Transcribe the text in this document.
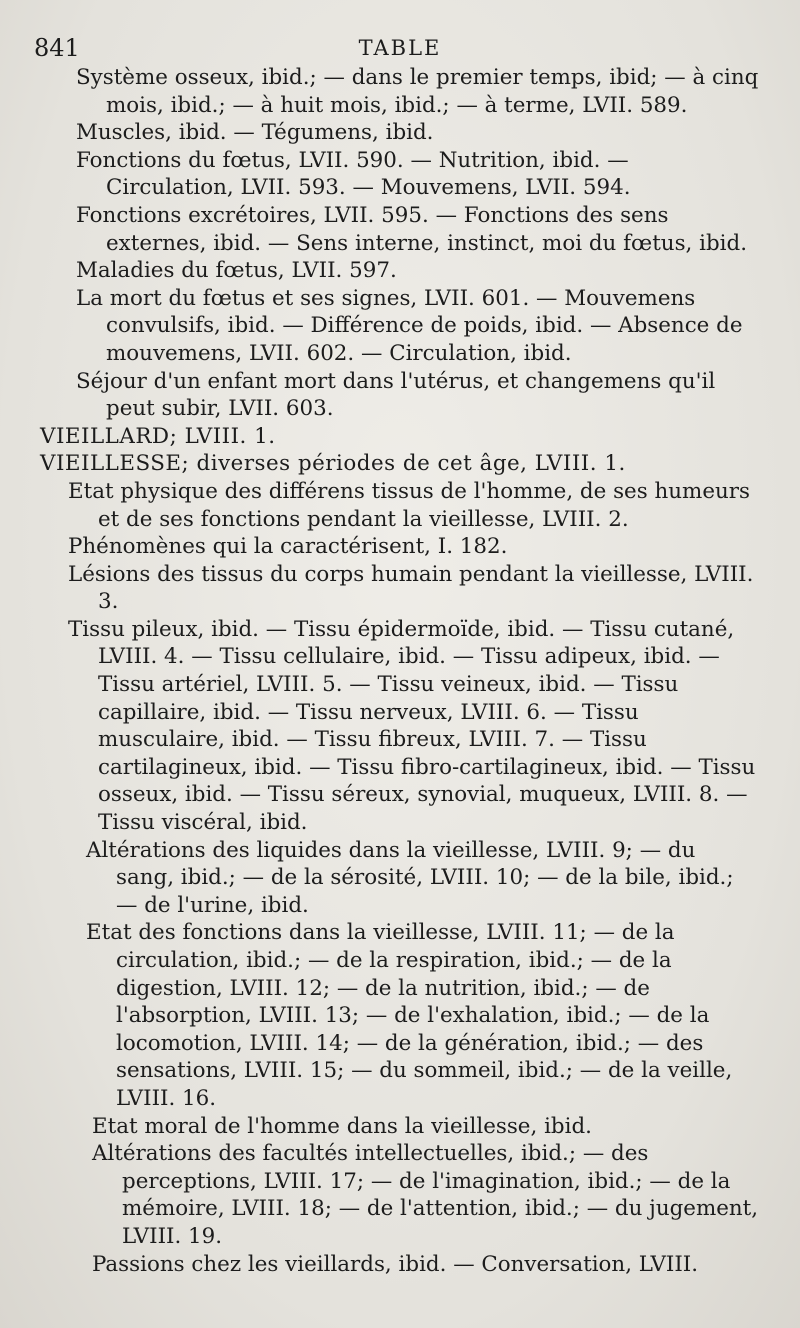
841	TABLE

Système osseux, ibid.; — dans le premier temps, ibid; — à cinq mois, ibid.; — à huit mois, ibid.; — à terme, LVII. 589.

Muscles, ibid. — Tégumens, ibid.

Fonctions du fœtus, LVII. 590. — Nutrition, ibid. — Circulation, LVII. 593. — Mouvemens, LVII. 594.

Fonctions excrétoires, LVII. 595. — Fonctions des sens externes, ibid. — Sens interne, instinct, moi du fœtus, ibid.

Maladies du fœtus, LVII. 597.

La mort du fœtus et ses signes, LVII. 601. — Mouvemens convulsifs, ibid. — Différence de poids, ibid. — Absence de mouvemens, LVII. 602. — Circulation, ibid.

Séjour d'un enfant mort dans l'utérus, et changemens qu'il peut subir, LVII. 603.

VIEILLARD; LVIII. 1.

VIEILLESSE; diverses périodes de cet âge, LVIII. 1.

Etat physique des différens tissus de l'homme, de ses humeurs et de ses fonctions pendant la vieillesse, LVIII. 2.

Phénomènes qui la caractérisent, I. 182.

Lésions des tissus du corps humain pendant la vieillesse, LVIII. 3.

Tissu pileux, ibid. — Tissu épidermoïde, ibid. — Tissu cutané, LVIII. 4. — Tissu cellulaire, ibid. — Tissu adipeux, ibid. — Tissu artériel, LVIII. 5. — Tissu veineux, ibid. — Tissu capillaire, ibid. — Tissu nerveux, LVIII. 6. — Tissu musculaire, ibid. — Tissu fibreux, LVIII. 7. — Tissu cartilagineux, ibid. — Tissu fibro-cartilagineux, ibid. — Tissu osseux, ibid. — Tissu séreux, synovial, muqueux, LVIII. 8. — Tissu viscéral, ibid.

Altérations des liquides dans la vieillesse, LVIII. 9; — du sang, ibid.; — de la sérosité, LVIII. 10; — de la bile, ibid.; — de l'urine, ibid.

Etat des fonctions dans la vieillesse, LVIII. 11; — de la circulation, ibid.; — de la respiration, ibid.; — de la digestion, LVIII. 12; — de la nutrition, ibid.; — de l'absorption, LVIII. 13; — de l'exhalation, ibid.; — de la locomotion, LVIII. 14; — de la génération, ibid.; — des sensations, LVIII. 15; — du sommeil, ibid.; — de la veille, LVIII. 16.

Etat moral de l'homme dans la vieillesse, ibid.

Altérations des facultés intellectuelles, ibid.; — des perceptions, LVIII. 17; — de l'imagination, ibid.; — de la mémoire, LVIII. 18; — de l'attention, ibid.; — du jugement, LVIII. 19.

Passions chez les vieillards, ibid. — Conversation, LVIII.
